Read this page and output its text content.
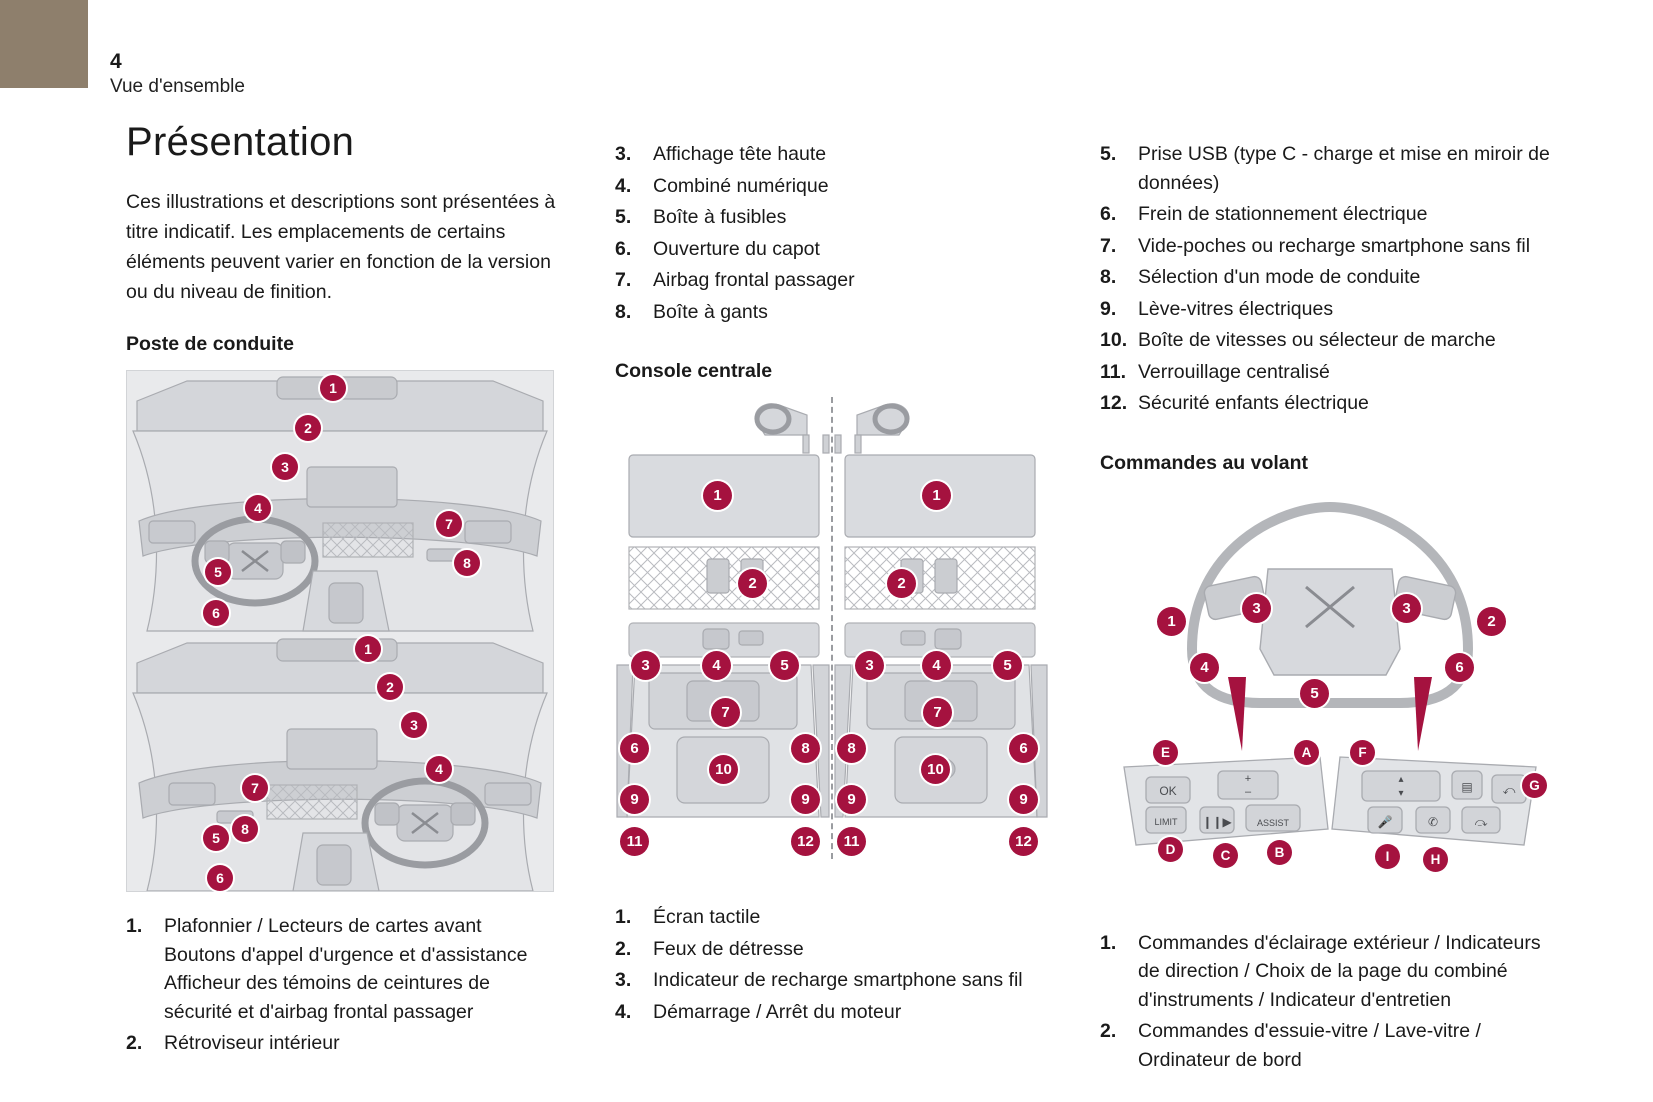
4
Vue d'ensemble
Présentation

Ces illustrations et descriptions sont présentées à titre indicatif. Les emplacements de certains éléments peuvent varier en fonction de la version ou du niveau de finition.

Poste de conduite
1
2
3
4
5
6
7
8
1
2
3
4
7
8
5
6
1.	Plafonnier / Lecteurs de cartes avant Boutons d'appel d'urgence et d'assistance Afficheur des témoins de ceintures de sécurité et d'airbag frontal passager
2.	Rétroviseur intérieur
3.	Affichage tête haute
4.	Combiné numérique
5.	Boîte à fusibles
6.	Ouverture du capot
7.	Airbag frontal passager
8.	Boîte à gants
Console centrale
1
2
3	4	5
7
6	8
10
9	9
11	12
1
2
3	4	5
7
8	6
10
9	9
11	12
1.	Écran tactile
2.	Feux de détresse
3.	Indicateur de recharge smartphone sans fil
4.	Démarrage / Arrêt du moteur
5.	Prise USB (type C - charge et mise en miroir de données)
6.	Frein de stationnement électrique
7.	Vide-poches ou recharge smartphone sans fil
8.	Sélection d'un mode de conduite
9.	Lève-vitres électriques
10. Boîte de vitesses ou sélecteur de marche
11. Verrouillage centralisé
12. Sécurité enfants électrique
Commandes au volant
OK
+
–
LIMIT ❙❙▶	ASSIST
▴
▾	▤ ⤺
🎤	✆	⤼
1
3	3
2
4
5
6
E	A	F
G
D	C	B	I	H
1.	Commandes d'éclairage extérieur / Indicateurs de direction / Choix de la page du combiné d'instruments / Indicateur d'entretien
2.	Commandes d'essuie-vitre / Lave-vitre / Ordinateur de bord
